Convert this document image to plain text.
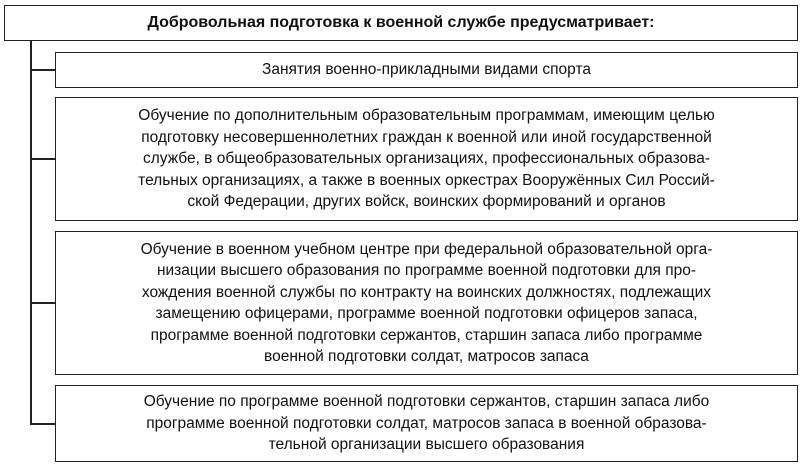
Добровольная подготовка к военной службе предусматривает:
Занятия военно-прикладными видами спорта
Обучение по дополнительным образовательным программам, имеющим целью
подготовку несовершеннолетних граждан к военной или иной государственной
службе, в общеобразовательных организациях, профессиональных образова-
тельных организациях, а также в военных оркестрах Вооружённых Сил Россий-
ской Федерации, других войск, воинских формирований и органов
Обучение в военном учебном центре при федеральной образовательной орга-
низации высшего образования по программе военной подготовки для про-
хождения военной службы по контракту на воинских должностях, подлежащих
замещению офицерами, программе военной подготовки офицеров запаса,
программе военной подготовки сержантов, старшин запаса либо программе
военной подготовки солдат, матросов запаса
Обучение по программе военной подготовки сержантов, старшин запаса либо
программе военной подготовки солдат, матросов запаса в военной образова-
тельной организации высшего образования
